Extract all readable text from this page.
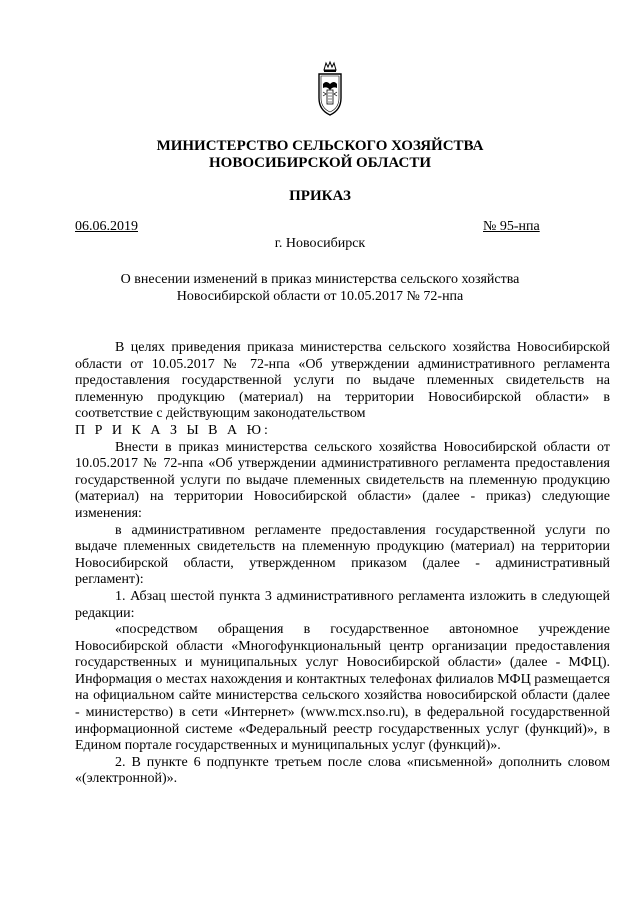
МИНИСТЕРСТВО СЕЛЬСКОГО ХОЗЯЙСТВА
НОВОСИБИРСКОЙ ОБЛАСТИ
ПРИКАЗ
06.06.2019	№ 95-нпа
г. Новосибирск
О внесении изменений в приказ министерства сельского хозяйства
Новосибирской области от 10.05.2017 № 72-нпа

В целях приведения приказа министерства сельского хозяйства Новосибирской области от 10.05.2017 № 72-нпа «Об утверждении административного регламента предоставления государственной услуги по выдаче племенных свидетельств на племенную продукцию (материал) на территории Новосибирской области» в соответствие с действующим законодательством

П Р И К А З Ы В А Ю:

Внести в приказ министерства сельского хозяйства Новосибирской области от 10.05.2017 № 72-нпа «Об утверждении административного регламента предоставления государственной услуги по выдаче племенных свидетельств на племенную продукцию (материал) на территории Новосибирской области» (далее - приказ) следующие изменения:

в административном регламенте предоставления государственной услуги по выдаче племенных свидетельств на племенную продукцию (материал) на территории Новосибирской области, утвержденном приказом (далее - административный регламент):

1. Абзац шестой пункта 3 административного регламента изложить в следующей редакции:

«посредством обращения в государственное автономное учреждение Новосибирской области «Многофункциональный центр организации предоставления государственных и муниципальных услуг Новосибирской области» (далее - МФЦ). Информация о местах нахождения и контактных телефонах филиалов МФЦ размещается на официальном сайте министерства сельского хозяйства новосибирской области (далее - министерство) в сети «Интернет» (www.mcx.nso.ru), в федеральной государственной информационной системе «Федеральный реестр государственных услуг (функций)», в Едином портале государственных и муниципальных услуг (функций)».

2. В пункте 6 подпункте третьем после слова «письменной» дополнить словом «(электронной)».
